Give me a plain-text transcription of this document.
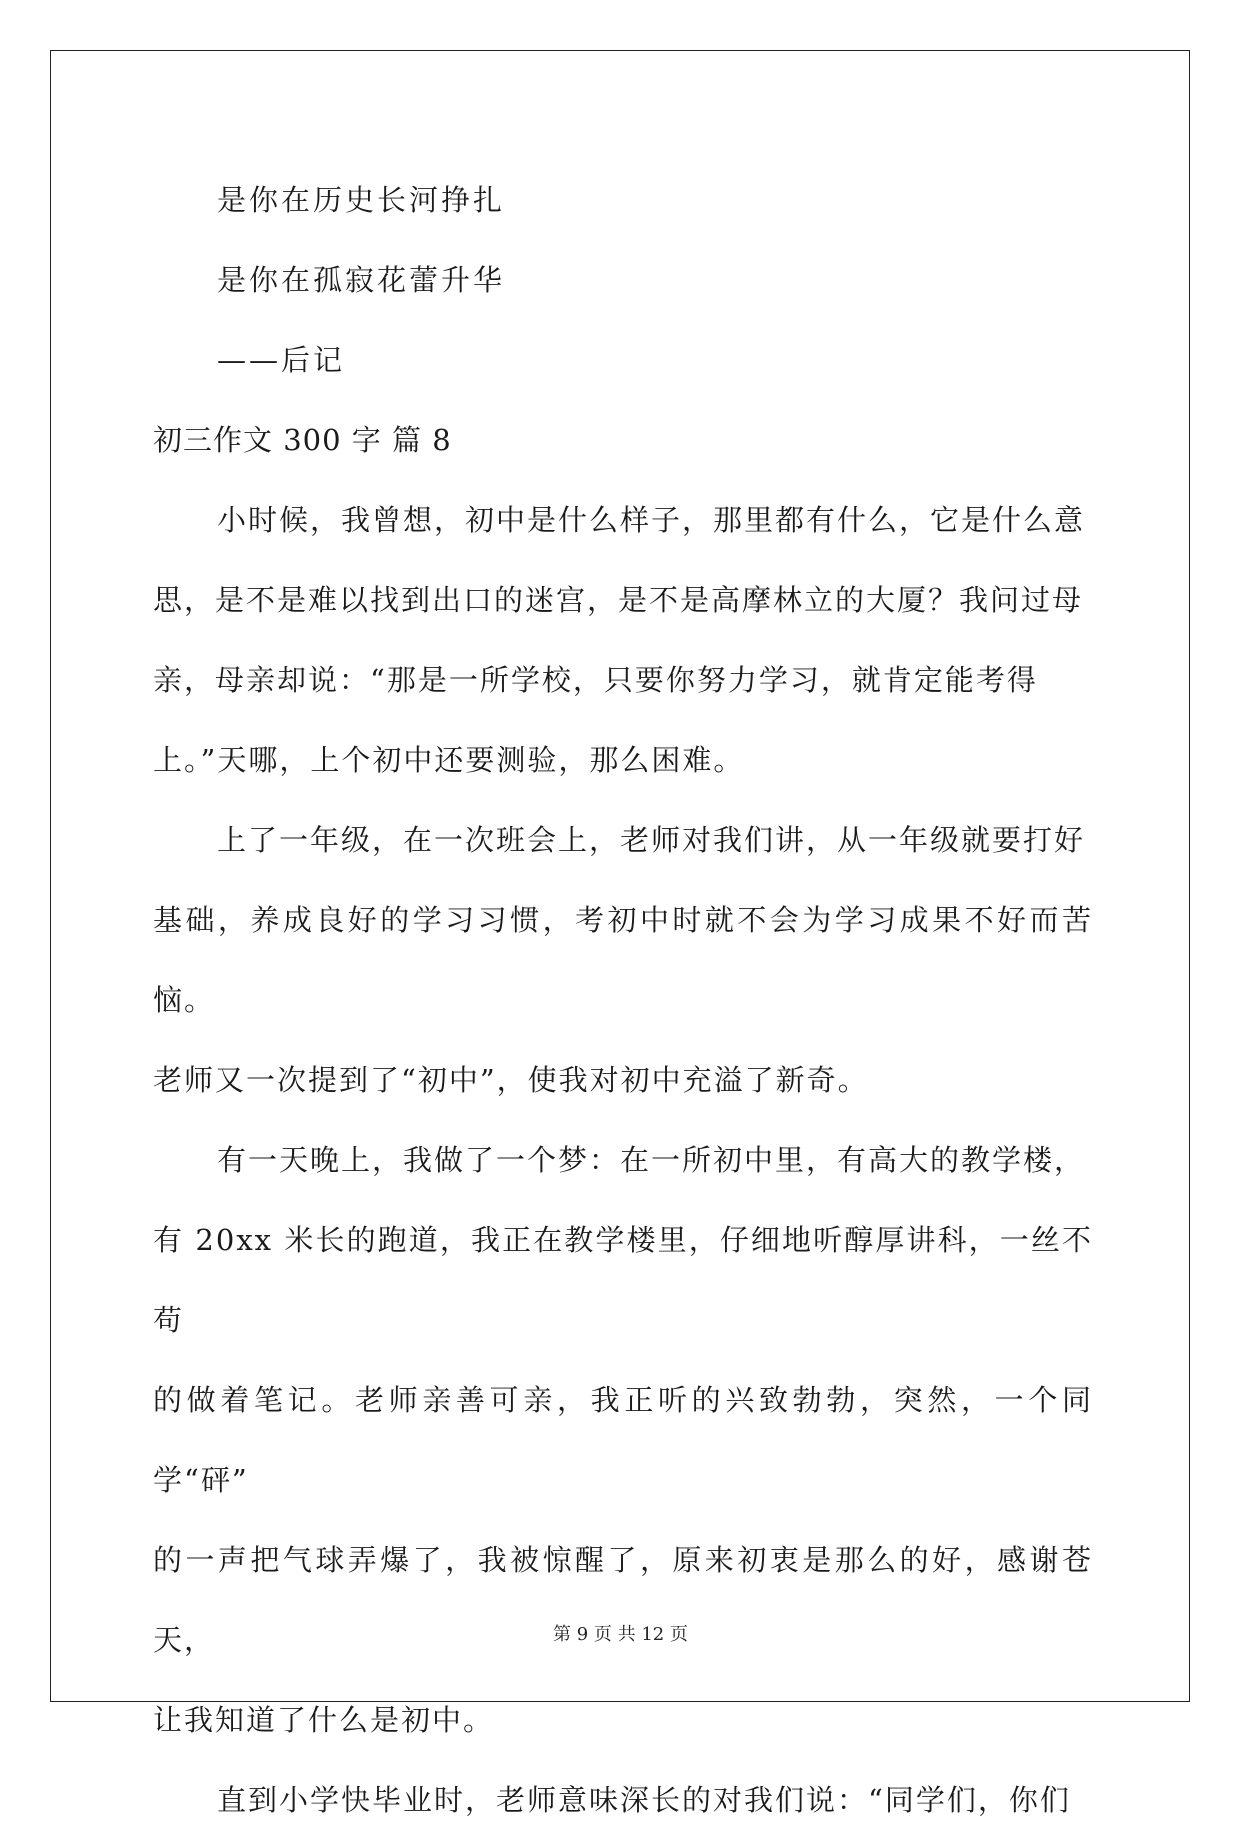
是你在历史长河挣扎

是你在孤寂花蕾升华

——后记

初三作文 300 字 篇 8

小时候，我曾想，初中是什么样子，那里都有什么，它是什么意

思，是不是难以找到出口的迷宫，是不是高摩林立的大厦？我问过母

亲，母亲却说：“那是一所学校，只要你努力学习，就肯定能考得

上。”天哪，上个初中还要测验，那么困难。

上了一年级，在一次班会上，老师对我们讲，从一年级就要打好

基础，养成良好的学习习惯，考初中时就不会为学习成果不好而苦恼。

老师又一次提到了“初中”，使我对初中充溢了新奇。

有一天晚上，我做了一个梦：在一所初中里，有高大的教学楼，

有 20xx 米长的跑道，我正在教学楼里，仔细地听醇厚讲科，一丝不苟

的做着笔记。老师亲善可亲，我正听的兴致勃勃，突然，一个同学“砰”

的一声把气球弄爆了，我被惊醒了，原来初衷是那么的好，感谢苍天，

让我知道了什么是初中。

直到小学快毕业时，老师意味深长的对我们说：“同学们，你们

第 9 页 共 12 页
